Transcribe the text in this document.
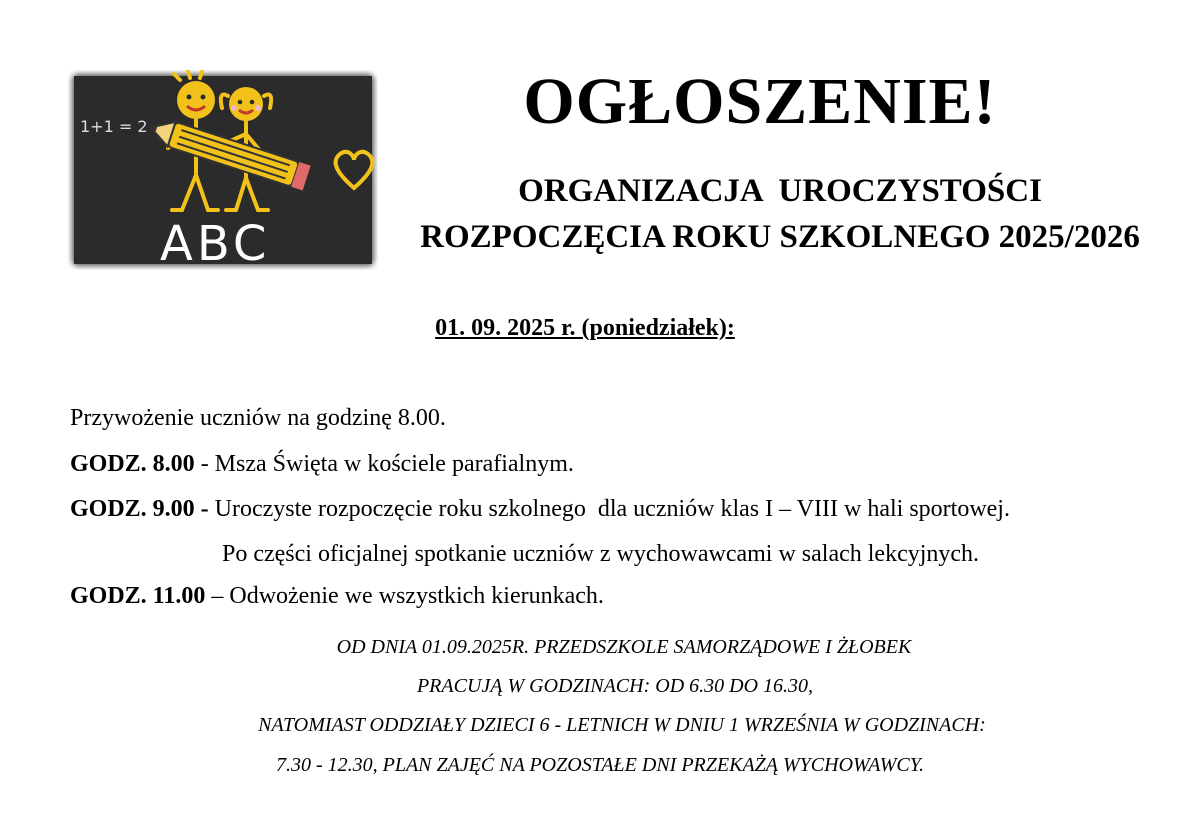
1+1 = 2
ABC
OGŁOSZENIE!
ORGANIZACJA  UROCZYSTOŚCI
ROZPOCZĘCIA ROKU SZKOLNEGO 2025/2026
01. 09. 2025 r. (poniedziałek):

Przywożenie uczniów na godzinę 8.00.

GODZ. 8.00 - Msza Święta w kościele parafialnym.

GODZ. 9.00 - Uroczyste rozpoczęcie roku szkolnego  dla uczniów klas I – VIII w hali sportowej.

Po części oficjalnej spotkanie uczniów z wychowawcami w salach lekcyjnych.

GODZ. 11.00 – Odwożenie we wszystkich kierunkach.

OD DNIA 01.09.2025R. PRZEDSZKOLE SAMORZĄDOWE I ŻŁOBEK
PRACUJĄ W GODZINACH: OD 6.30 DO 16.30,
NATOMIAST ODDZIAŁY DZIECI 6 - LETNICH W DNIU 1 WRZEŚNIA W GODZINACH:
7.30 - 12.30, PLAN ZAJĘĆ NA POZOSTAŁE DNI PRZEKAŻĄ WYCHOWAWCY.
